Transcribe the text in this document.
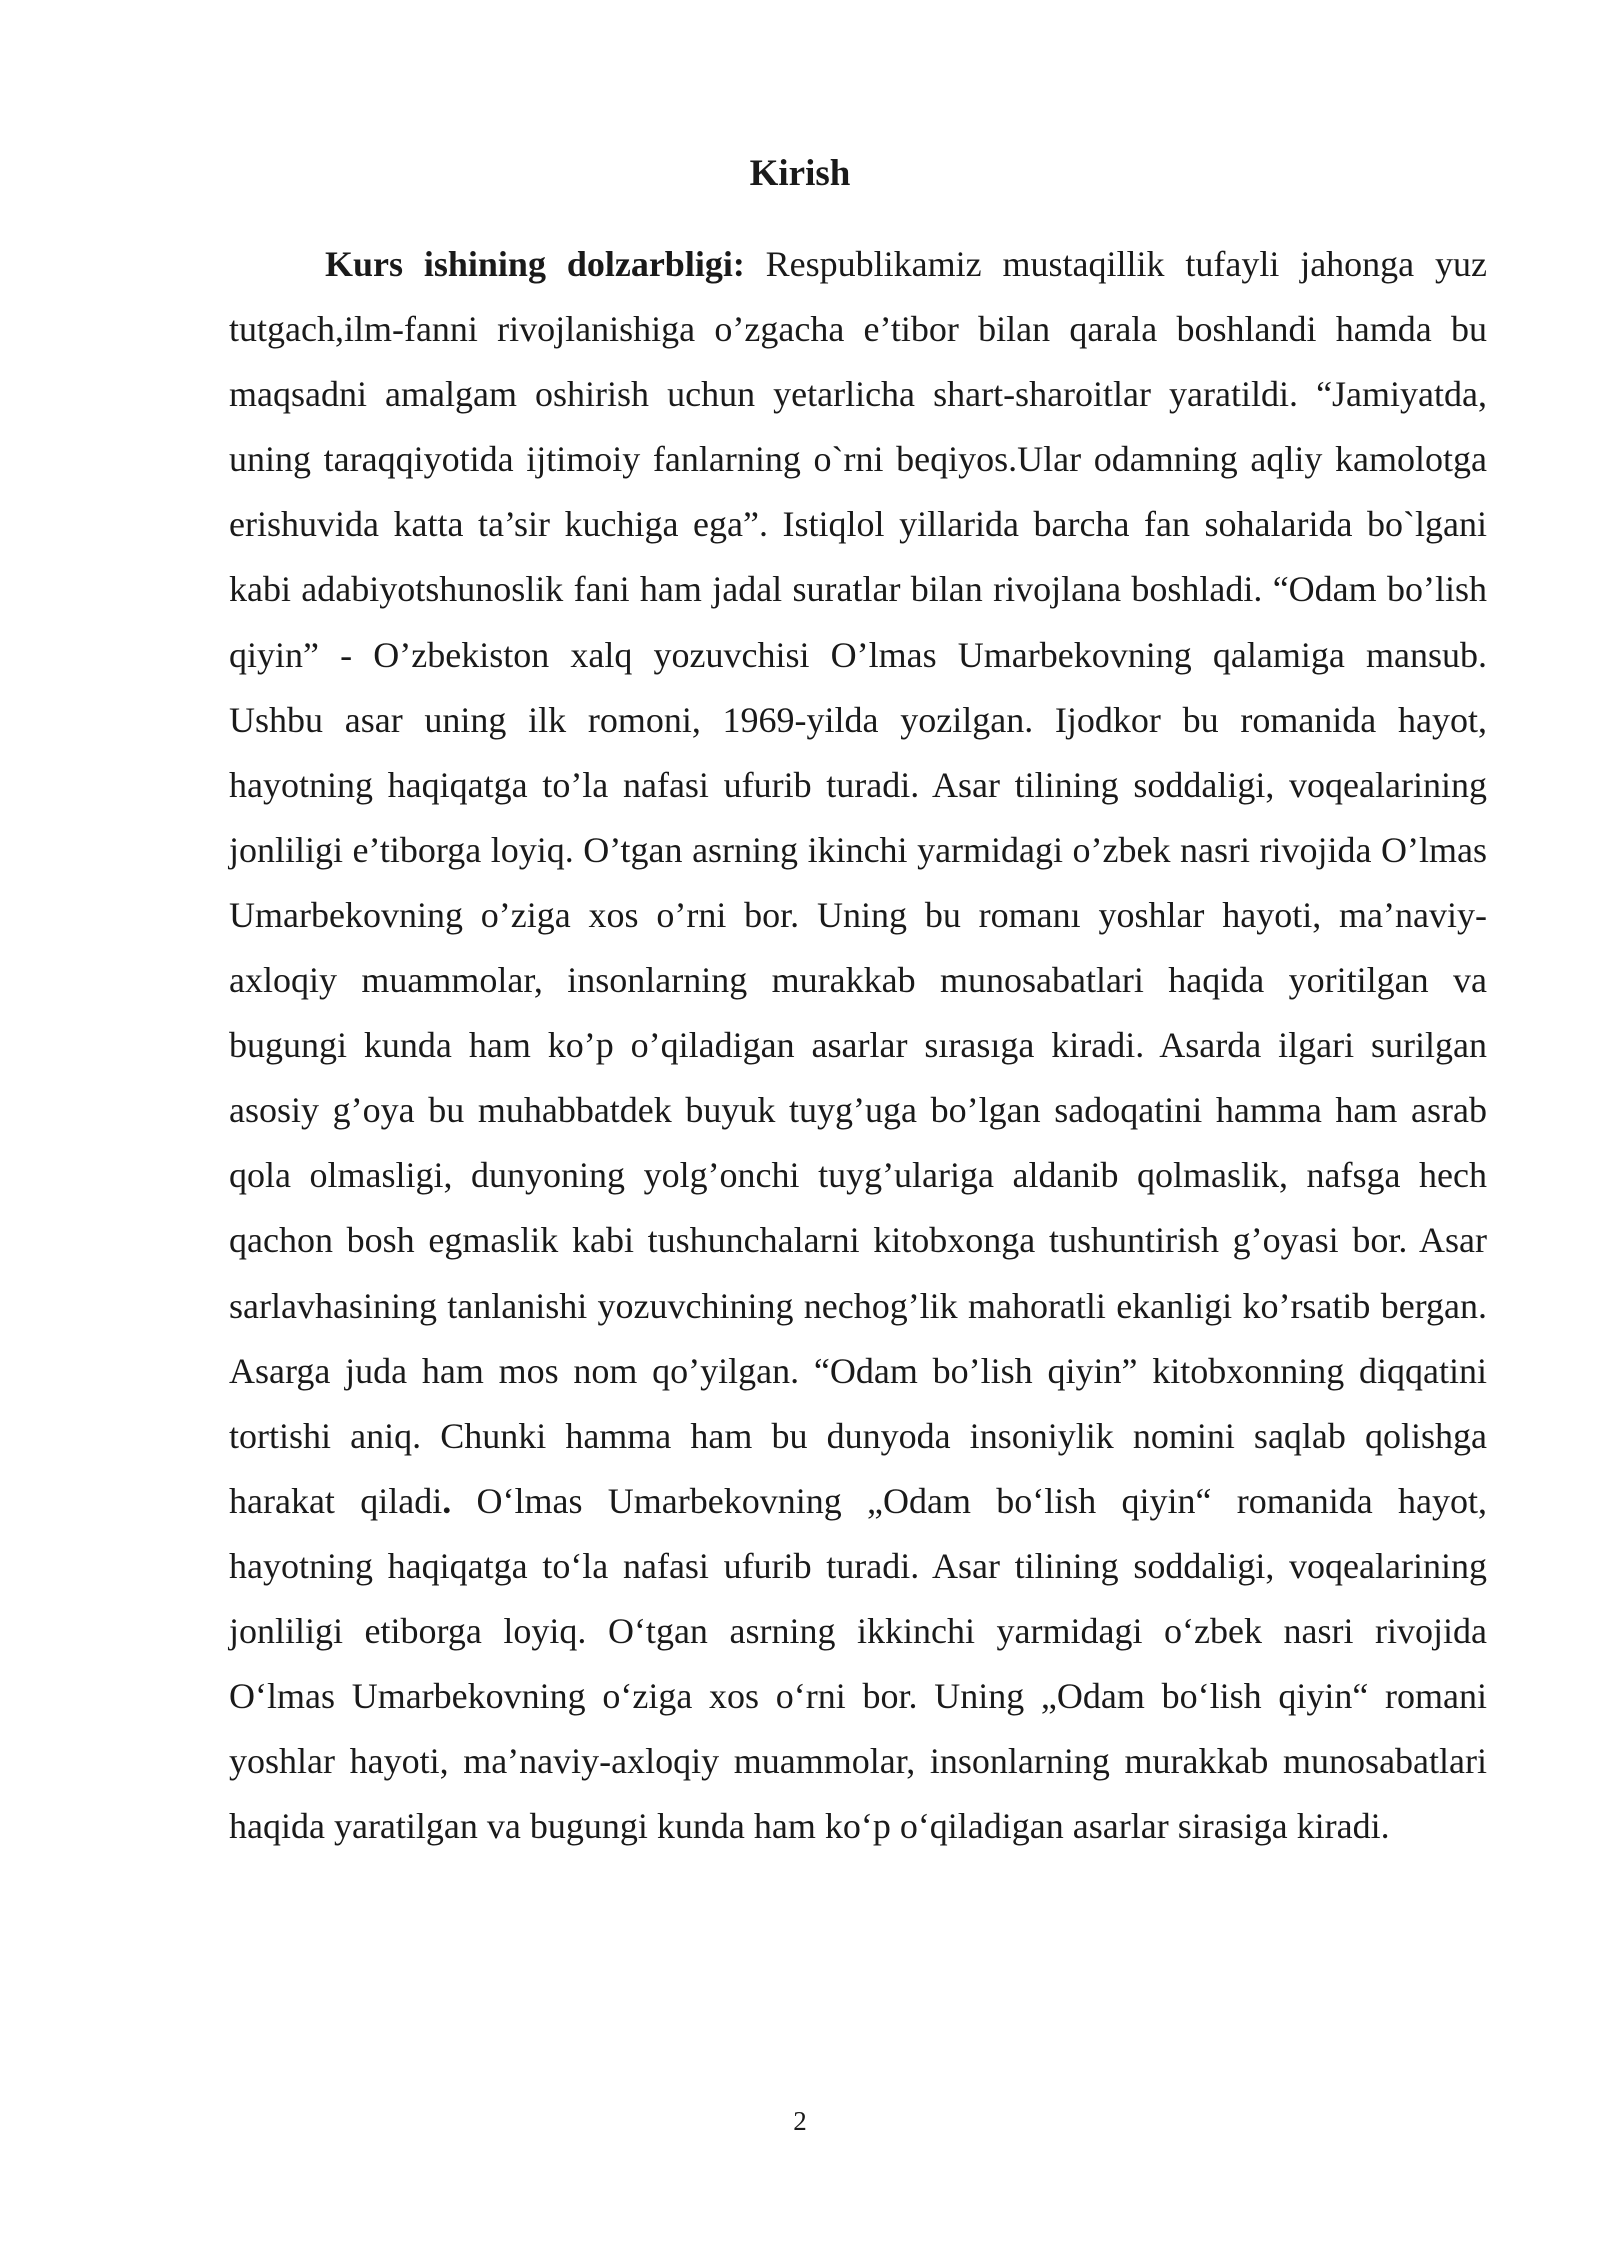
Kirish

Kurs ishining dolzarbligi: Respublikamiz mustaqillik tufayli jahonga yuz tutgach,ilm-fanni rivojlanishiga o’zgacha e’tibor bilan qarala boshlandi hamda bu maqsadni amalgam oshirish uchun yetarlicha shart-sharoitlar yaratildi. “Jamiyatda, uning taraqqiyotida ijtimoiy fanlarning o`rni beqiyos.Ular odamning aqliy kamolotga erishuvida katta ta’sir kuchiga ega”. Istiqlol yillarida barcha fan sohalarida bo`lgani kabi adabiyotshunoslik fani ham jadal suratlar bilan rivojlana boshladi. “Odam bo’lish qiyin” - O’zbekiston xalq yozuvchisi O’lmas Umarbekovning qalamiga mansub. Ushbu asar uning ilk romoni, 1969-yilda yozilgan. Ijodkor bu romanida hayot, hayotning haqiqatga to’la nafasi ufurib turadi. Asar tilining soddaligi, voqealarining jonliligi e’tiborga loyiq. O’tgan asrning ikinchi yarmidagi o’zbek nasri rivojida O’lmas Umarbekovning o’ziga xos o’rni bor. Uning bu romanı yoshlar hayoti, ma’naviy-axloqiy muammolar, insonlarning murakkab munosabatlari haqida yoritilgan va bugungi kunda ham ko’p o’qiladigan asarlar sırasıga kiradi. Asarda ilgari surilgan asosiy g’oya bu muhabbatdek buyuk tuyg’uga bo’lgan sadoqatini hamma ham asrab qola olmasligi, dunyoning yolg’onchi tuyg’ulariga aldanib qolmaslik, nafsga hech qachon bosh egmaslik kabi tushunchalarni kitobxonga tushuntirish g’oyasi bor. Asar sarlavhasining tanlanishi yozuvchining nechog’lik mahoratli ekanligi ko’rsatib bergan. Asarga juda ham mos nom qo’yilgan. “Odam bo’lish qiyin” kitobxonning diqqatini tortishi aniq. Chunki hamma ham bu dunyoda insoniylik nomini saqlab qolishga harakat qiladi. O‘lmas Umarbekovning „Odam bo‘lish qiyin“ romanida hayot, hayotning haqiqatga to‘la nafasi ufurib turadi. Asar tilining soddaligi, voqealarining jonliligi etiborga loyiq. O‘tgan asrning ikkinchi yarmidagi o‘zbek nasri rivojida O‘lmas Umarbekovning o‘ziga xos o‘rni bor. Uning „Odam bo‘lish qiyin“ romani yoshlar hayoti, ma’naviy-axloqiy muammolar, insonlarning murakkab munosabatlari haqida yaratilgan va bugungi kunda ham ko‘p o‘qiladigan asarlar sirasiga kiradi.

2
